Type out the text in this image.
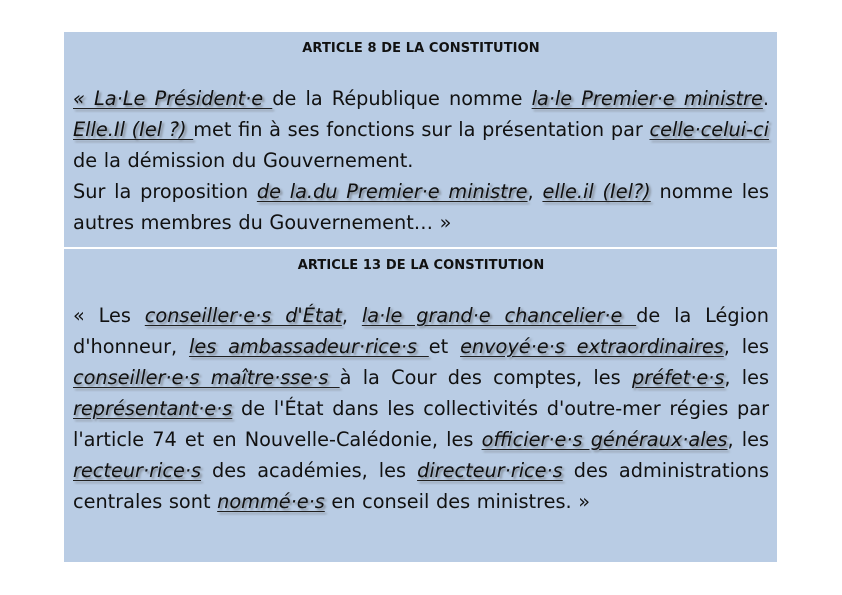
ARTICLE 8 DE LA CONSTITUTION

« La·Le Président·e de la République nomme la·le Premier·e ministre. Elle.Il (Iel ?) met fin à ses fonctions sur la présentation par celle·celui-ci de la démission du Gouvernement.
Sur la proposition de la.du Premier·e ministre, elle.il (Iel?) nomme les autres membres du Gouvernement… »

ARTICLE 13 DE LA CONSTITUTION

« Les conseiller·e·s d'État, la·le grand·e chancelier·e de la Légion d'honneur, les ambassadeur·rice·s et envoyé·e·s extraordinaires, les conseiller·e·s maître·sse·s à la Cour des comptes, les préfet·e·s, les représentant·e·s de l'État dans les collectivités d'outre-mer régies par l'article 74 et en Nouvelle-Calédonie, les officier·e·s généraux·ales, les recteur·rice·s des académies, les directeur·rice·s des administrations centrales sont nommé·e·s en conseil des ministres. »
